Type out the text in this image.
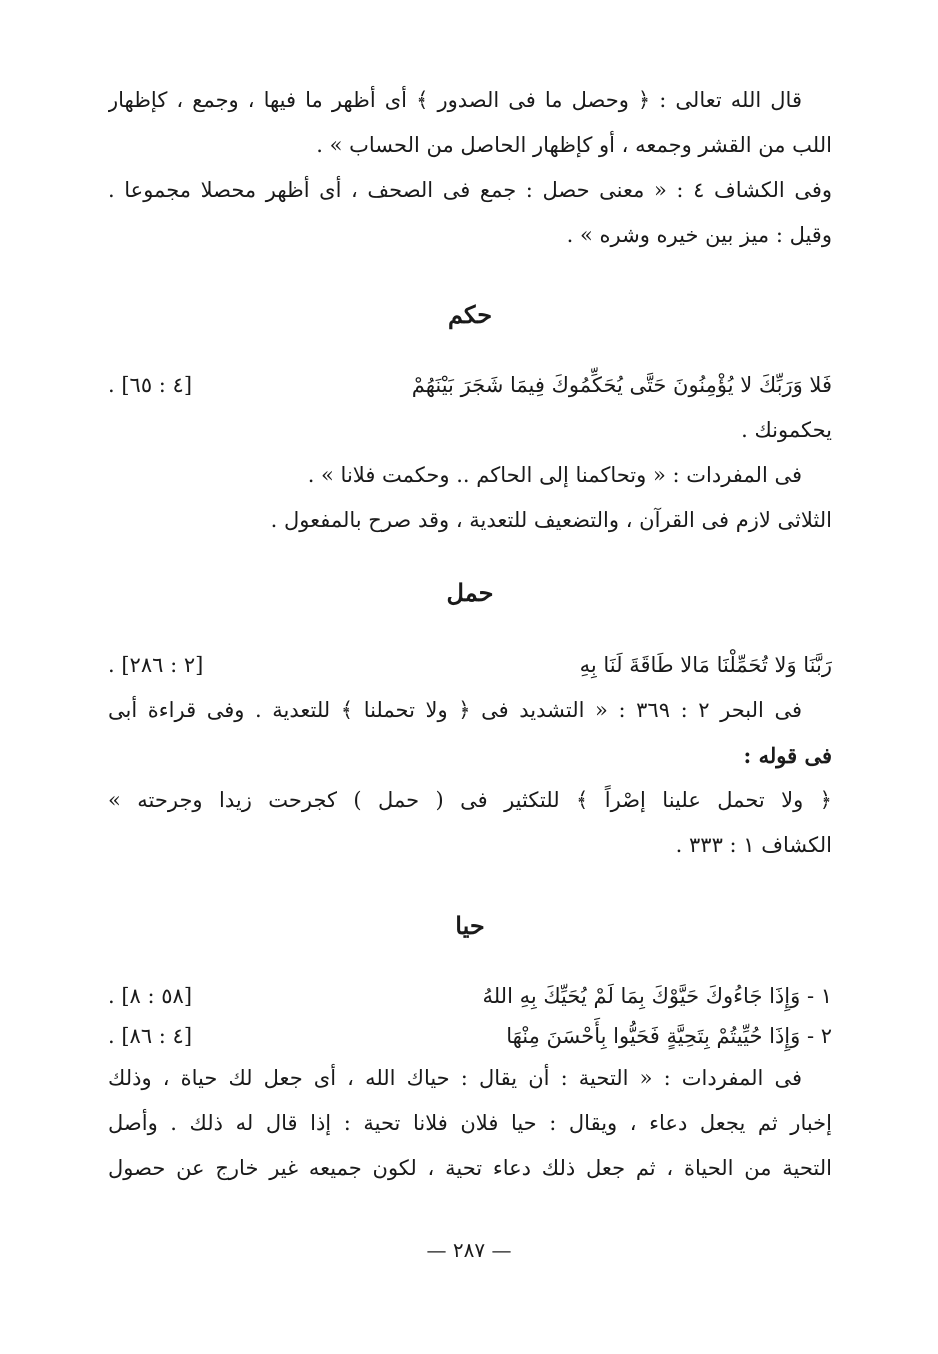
قال الله تعالى : ﴿ وحصل ما فى الصدور ﴾ أى أظهر ما فيها ، وجمع ، كإظهار
اللب من القشر وجمعه ، أو كإظهار الحاصل من الحساب » .
وفى الكشاف ٤ : « معنى حصل : جمع فى الصحف ، أى أظهر محصلا مجموعا .
وقيل : ميز بين خيره وشره » .
حكم
فَلا وَرَبِّكَ لا يُؤْمِنُونَ حَتَّى يُحَكِّمُوكَ فِيمَا شَجَرَ بَيْنَهُمْ
[٤ : ٦٥] .
يحكمونك .
فى المفردات : « وتحاكمنا إلى الحاكم .. وحكمت فلانا » .
الثلاثى لازم فى القرآن ، والتضعيف للتعدية ، وقد صرح بالمفعول .
حمل
رَبَّنَا وَلا تُحَمِّلْنَا مَالا طَاقَةَ لَنَا بِهِ
[٢ : ٢٨٦] .
فى البحر ٢ : ٣٦٩ : « التشديد فى ﴿ ولا تحملنا ﴾ للتعدية . وفى قراءة أبى
فى قوله :
﴿ ولا تحمل علينا إصْراً ﴾ للتكثير فى ( حمل ) كجرحت زيدا وجرحته »
الكشاف ١ : ٣٣٣ .
حيا
١ - وَإِذَا جَاءُوكَ حَيَّوْكَ بِمَا لَمْ يُحَيِّكَ بِهِ اللهُ
[٥٨ : ٨] .
٢ - وَإِذَا حُيِّيتُمْ بِتَحِيَّةٍ فَحَيُّوا بِأَحْسَنَ مِنْهَا
[٤ : ٨٦] .
فى المفردات : « التحية : أن يقال : حياك الله ، أى جعل لك حياة ، وذلك
إخبار ثم يجعل دعاء ، ويقال : حيا فلان فلانا تحية : إذا قال له ذلك . وأصل
التحية من الحياة ، ثم جعل ذلك دعاء تحية ، لكون جميعه غير خارج عن حصول
— ٢٨٧ —
